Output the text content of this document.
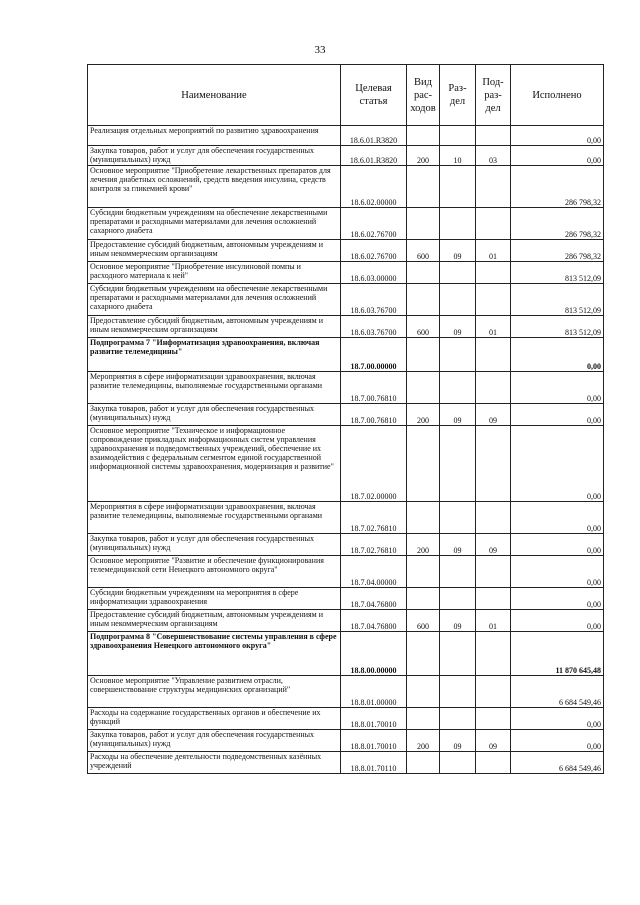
33
Наименование	Целевая статья	Вид рас-ходов	Раз-дел	Под-раз-дел	Исполнено
Реализация отдельных мероприятий по развитию здравоохранения	18.6.01.R3820				0,00
Закупка товаров, работ и услуг для обеспечения государственных (муниципальных) нужд	18.6.01.R3820	200	10	03	0,00
Основное мероприятие "Приобретение лекарственных препаратов для лечения диабетных осложнений, средств введения инсулина, средств контроля за гликемией крови"	18.6.02.00000				286 798,32
Субсидии бюджетным учреждениям на обеспечение лекарственными препаратами и расходными материалами для лечения осложнений сахарного диабета	18.6.02.76700				286 798,32
Предоставление субсидий бюджетным, автономным учреждениям и иным некоммерческим организациям	18.6.02.76700	600	09	01	286 798,32
Основное мероприятие "Приобретение инсулиновой помпы и расходного материала к ней"	18.6.03.00000				813 512,09
Субсидии бюджетным учреждениям на обеспечение лекарственными препаратами и расходными материалами для лечения осложнений сахарного диабета	18.6.03.76700				813 512,09
Предоставление субсидий бюджетным, автономным учреждениям и иным некоммерческим организациям	18.6.03.76700	600	09	01	813 512,09
Подпрограмма 7 "Информатизация здравоохранения, включая развитие телемедицины"	18.7.00.00000				0,00
Мероприятия в сфере информатизации здравоохранения, включая развитие телемедицины, выполняемые государственными органами	18.7.00.76810				0,00
Закупка товаров, работ и услуг для обеспечения государственных (муниципальных) нужд	18.7.00.76810	200	09	09	0,00
Основное мероприятие "Техническое и информационное сопровождение прикладных информационных систем управления здравоохранения и подведомственных учреждений, обеспечение их взаимодействия с федеральным сегментом единой государственной информационной системы здравоохранения, модернизация и развитие"	18.7.02.00000				0,00
Мероприятия в сфере информатизации здравоохранения, включая развитие телемедицины, выполняемые государственными органами	18.7.02.76810				0,00
Закупка товаров, работ и услуг для обеспечения государственных (муниципальных) нужд	18.7.02.76810	200	09	09	0,00
Основное мероприятие "Развитие и обеспечение функционирования телемедицинской сети Ненецкого автономного округа"	18.7.04.00000				0,00
Субсидии бюджетным учреждениям на мероприятия в сфере информатизации здравоохранения	18.7.04.76800				0,00
Предоставление субсидий бюджетным, автономным учреждениям и иным некоммерческим организациям	18.7.04.76800	600	09	01	0,00
Подпрограмма 8 "Совершенствование системы управления в сфере здравоохранения Ненецкого автономного округа"	18.8.00.00000				11 870 645,48
Основное мероприятие "Управление развитием отрасли, совершенствование структуры медицинских организаций"	18.8.01.00000				6 684 549,46
Расходы на содержание государственных органов и обеспечение их функций	18.8.01.70010				0,00
Закупка товаров, работ и услуг для обеспечения государственных (муниципальных) нужд	18.8.01.70010	200	09	09	0,00
Расходы на обеспечение деятельности подведомственных казённых учреждений	18.8.01.70110				6 684 549,46
